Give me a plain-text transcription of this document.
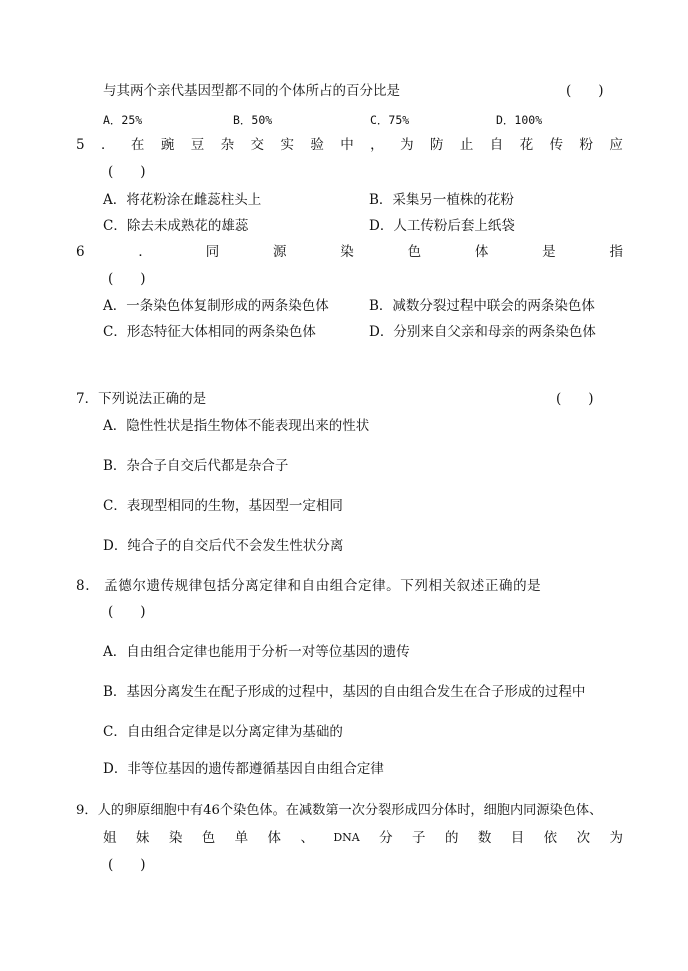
与其两个亲代基因型都不同的个体所占的百分比是	(　　)
A．25%	B．50%	C．75%	D．100%
5 ． 在 豌 豆 杂 交 实 验 中 ， 为 防 止 自 花 传 粉 应
(　　)
A．将花粉涂在雌蕊柱头上	B．采集另一植株的花粉
C．除去未成熟花的雄蕊	D．人工传粉后套上纸袋
6	．	同	源	染	色	体	是	指
(　　)
A．一条染色体复制形成的两条染色体	B．减数分裂过程中联会的两条染色体
C．形态特征大体相同的两条染色体	D．分别来自父亲和母亲的两条染色体
7．下列说法正确的是	(　　)
A．隐性性状是指生物体不能表现出来的性状
B．杂合子自交后代都是杂合子
C．表现型相同的生物，基因型一定相同
D．纯合子的自交后代不会发生性状分离
8.　孟德尔遗传规律包括分离定律和自由组合定律。下列相关叙述正确的是
(　　)
A．自由组合定律也能用于分析一对等位基因的遗传
B．基因分离发生在配子形成的过程中，基因的自由组合发生在合子形成的过程中
C．自由组合定律是以分离定律为基础的
D．非等位基因的遗传都遵循基因自由组合定律
9．人的卵原细胞中有46个染色体。在减数第一次分裂形成四分体时，细胞内同源染色体、
姐 妹 染 色 单 体 、 DNA 分 子 的 数 目 依 次 为
(　　)
